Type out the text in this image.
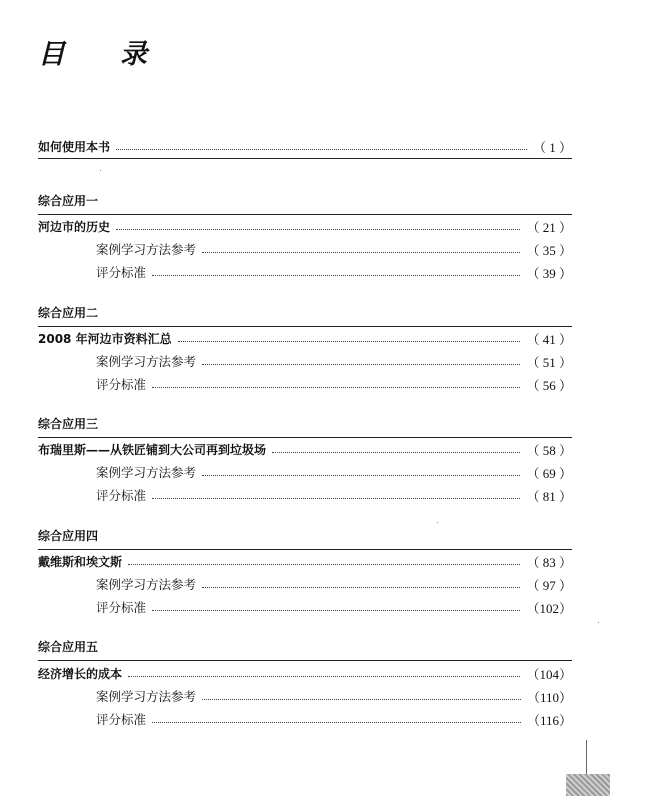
目 录
如何使用本书	（ 1 ）
综合应用一
河边市的历史	（ 21 ）
案例学习方法参考	（ 35 ）
评分标准	（ 39 ）
综合应用二
2008 年河边市资料汇总	（ 41 ）
案例学习方法参考	（ 51 ）
评分标准	（ 56 ）
综合应用三
布瑞里斯——从铁匠铺到大公司再到垃圾场	（ 58 ）
案例学习方法参考	（ 69 ）
评分标准	（ 81 ）
综合应用四
戴维斯和埃文斯	（ 83 ）
案例学习方法参考	（ 97 ）
评分标准	（102）
综合应用五
经济增长的成本	（104）
案例学习方法参考	（110）
评分标准	（116）
